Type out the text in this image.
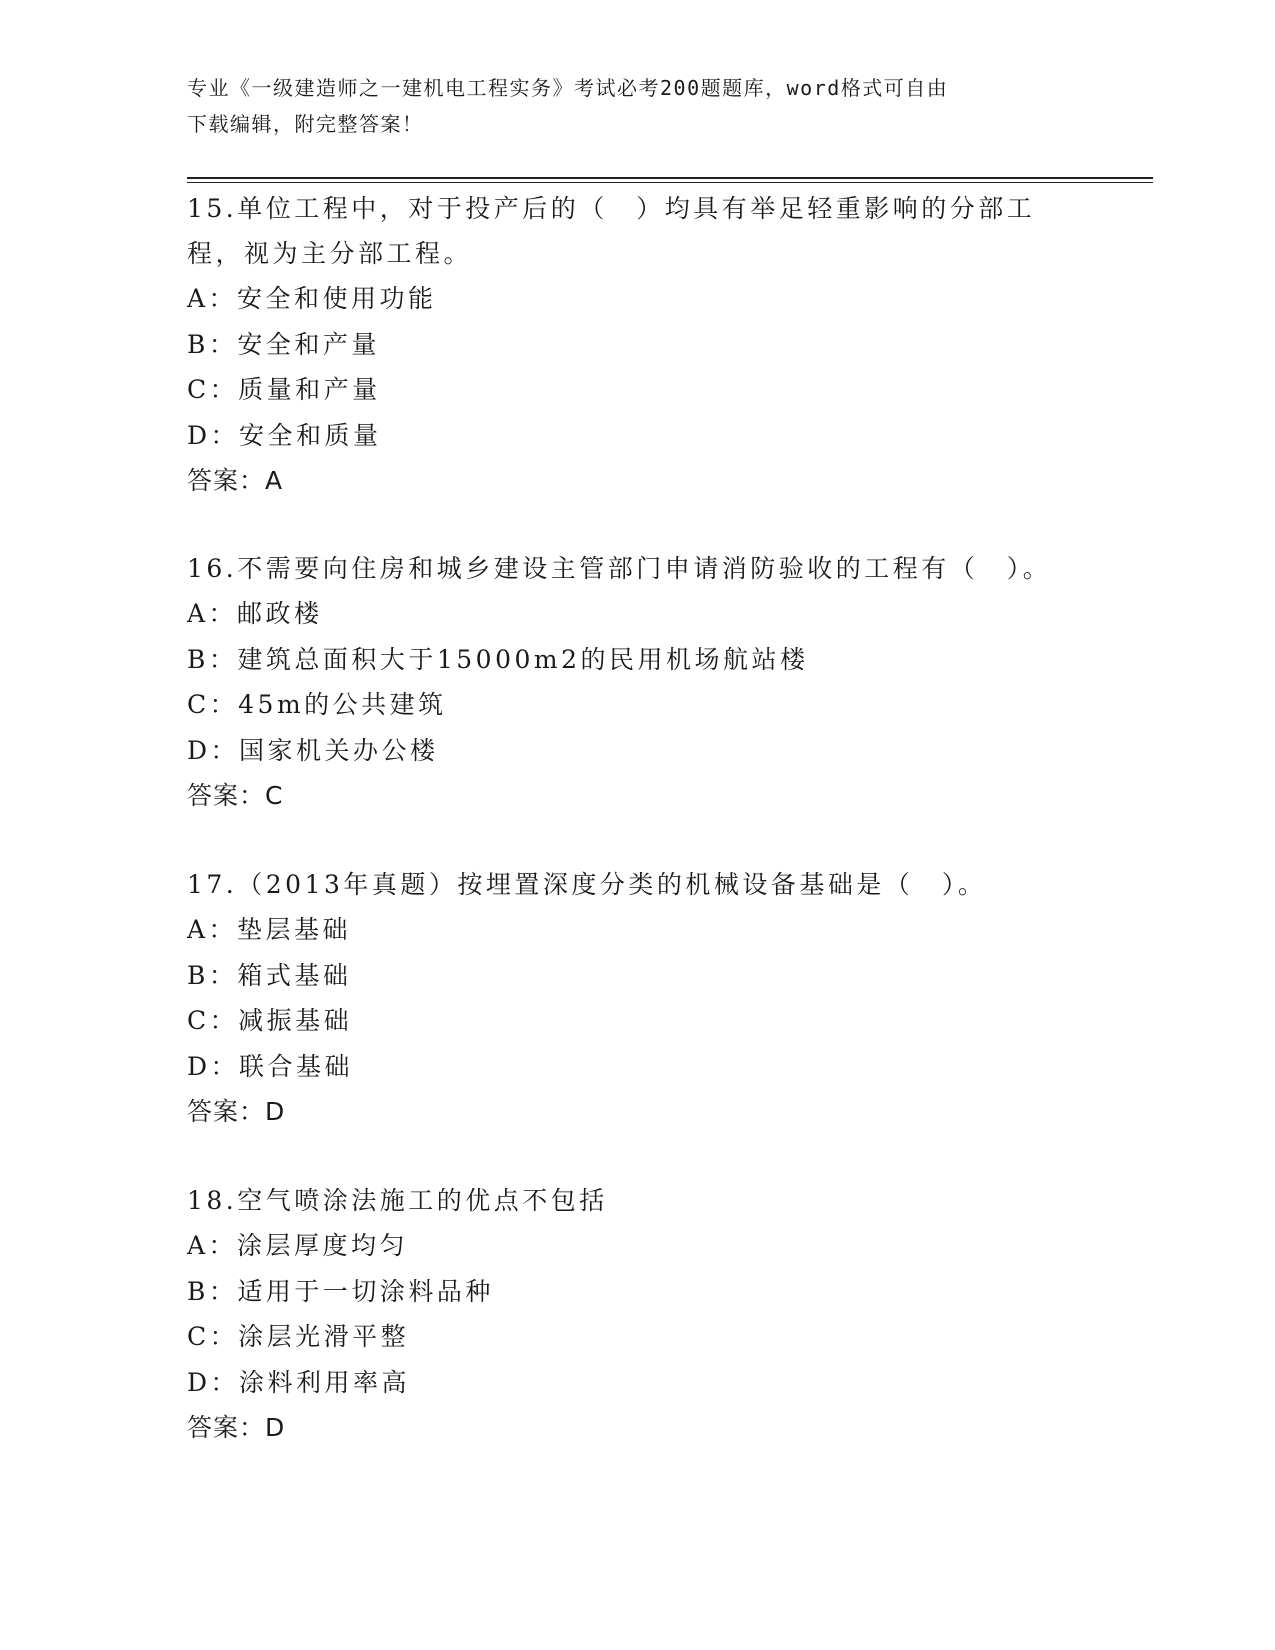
专业《一级建造师之一建机电工程实务》考试必考200题题库，word格式可自由
下载编辑，附完整答案！
15.单位工程中，对于投产后的（　）均具有举足轻重影响的分部工程，视为主分部工程。
A：安全和使用功能
B：安全和产量
C：质量和产量
D：安全和质量
答案：A
16.不需要向住房和城乡建设主管部门申请消防验收的工程有（　）。
A：邮政楼
B：建筑总面积大于15000m2的民用机场航站楼
C：45m的公共建筑
D：国家机关办公楼
答案：C
17.（2013年真题）按埋置深度分类的机械设备基础是（　）。
A：垫层基础
B：箱式基础
C：减振基础
D：联合基础
答案：D
18.空气喷涂法施工的优点不包括
A：涂层厚度均匀
B：适用于一切涂料品种
C：涂层光滑平整
D：涂料利用率高
答案：D
